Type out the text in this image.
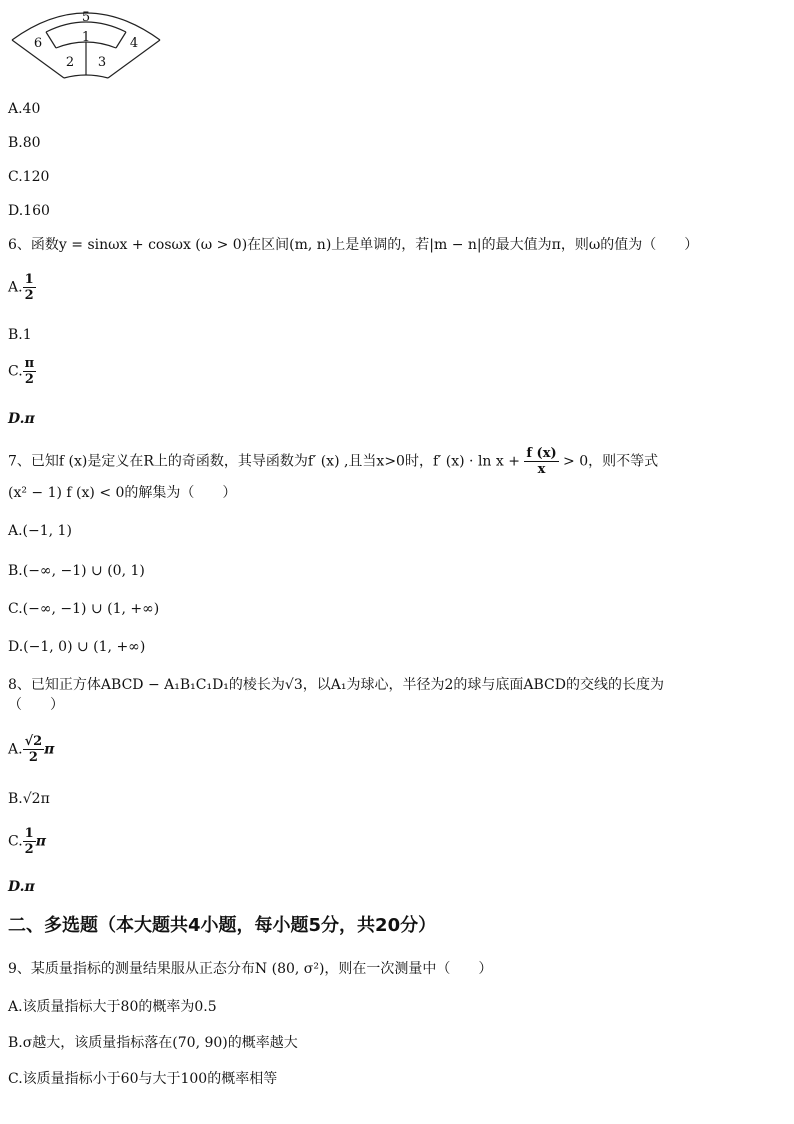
5
1
6	4
2 3
A.40
B.80
C.120
D.160
6、函数y = sinωx + cosωx (ω > 0)在区间(m, n)上是单调的，若|m − n|的最大值为π，则ω的值为（　　）
A. $\frac{1}{2}$
B.1
C. $\frac{\pi}{2}$
D.π
7、已知f (x)是定义在R上的奇函数，其导函数为f′ (x) ,且当x>0时，f′ $(x) \cdot \ln x + \frac{f (x)}{x} > 0$，则不等式
(x² − 1) f (x) < 0的解集为（　　）
A.(−1, 1)
B.(−∞, −1) ∪ (0, 1)
C.(−∞, −1) ∪ (1, +∞)
D.(−1, 0) ∪ (1, +∞)
8、已知正方体ABCD − A₁B₁C₁D₁的棱长为√3，以A₁为球心，半径为2的球与底面ABCD的交线的长度为
（　　）
A. $\frac{√2}{2}$ π
B.√2π
C. $\frac{1}{2}$ π
D.π
二、多选题（本大题共4小题，每小题5分，共20分）
9、某质量指标的测量结果服从正态分布N (80, σ²)，则在一次测量中（　　）
A.该质量指标大于80的概率为0.5
B.σ越大，该质量指标落在(70, 90)的概率越大
C.该质量指标小于60与大于100的概率相等
